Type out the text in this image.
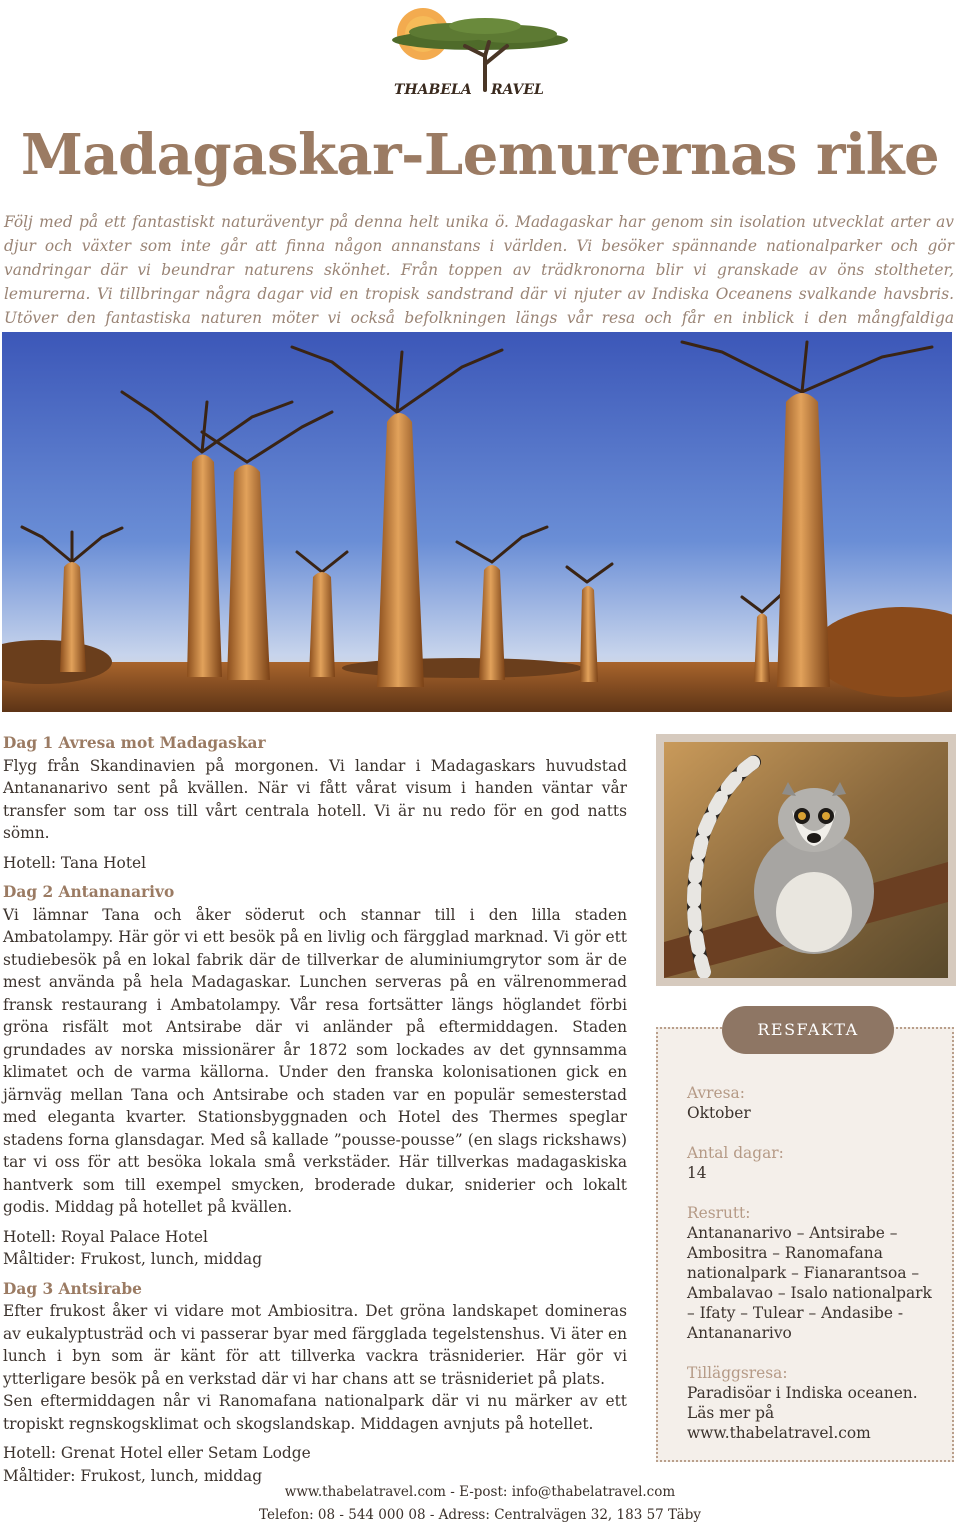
THABELA RAVEL
Madagaskar-Lemurernas rike

Följ med på ett fantastiskt naturäventyr på denna helt unika ö. Madagaskar har genom sin isolation utvecklat arter av djur och växter som inte går att finna någon annanstans i världen. Vi besöker spännande nationalparker och gör vandringar där vi beundrar naturens skönhet. Från toppen av trädkronorna blir vi granskade av öns stoltheter, lemurerna. Vi tillbringar några dagar vid en tropisk sandstrand där vi njuter av Indiska Oceanens svalkande havsbris. Utöver den fantastiska naturen möter vi också befolkningen längs vår resa och får en inblick i den mångfaldiga

Dag 1 Avresa mot Madagaskar

Flyg från Skandinavien på morgonen. Vi landar i Madagaskars huvudstad Antananarivo sent på kvällen. När vi fått vårat visum i handen väntar vår transfer som tar oss till vårt centrala hotell. Vi är nu redo för en god natts sömn.

Hotell: Tana Hotel
Dag 2 Antananarivo

Vi lämnar Tana och åker söderut och stannar till i den lilla staden Ambatolampy. Här gör vi ett besök på en livlig och färgglad marknad. Vi gör ett studiebesök på en lokal fabrik där de tillverkar de aluminiumgrytor som är de mest använda på hela Madagaskar. Lunchen serveras på en välrenommerad fransk restaurang i Ambatolampy. Vår resa fortsätter längs höglandet förbi gröna risfält mot Antsirabe där vi anländer på eftermiddagen. Staden grundades av norska missionärer år 1872 som lockades av det gynnsamma klimatet och de varma källorna. Under den franska kolonisationen gick en järnväg mellan Tana och Antsirabe och staden var en populär semesterstad med eleganta kvarter. Stationsbyggnaden och Hotel des Thermes speglar stadens forna glansdagar. Med så kallade ”pousse-pousse” (en slags rickshaws) tar vi oss för att besöka lokala små verkstäder. Här tillverkas madagaskiska hantverk som till exempel smycken, broderade dukar, sniderier och lokalt godis. Middag på hotellet på kvällen.

Hotell: Royal Palace Hotel
Måltider: Frukost, lunch, middag
Dag 3 Antsirabe
Efter frukost åker vi vidare mot Ambiositra. Det gröna landskapet domineras av eukalyptusträd och vi passerar byar med färgglada tegelstenshus. Vi äter en lunch i byn som är känt för att tillverka vackra träsniderier. Här gör vi ytterligare besök på en verkstad där vi har chans att se träsnideriet på plats.

Sen eftermiddagen når vi Ranomafana nationalpark där vi nu märker av ett tropiskt regnskogsklimat och skogslandskap. Middagen avnjuts på hotellet.

Hotell: Grenat Hotel eller Setam Lodge
Måltider: Frukost, lunch, middag
RESFAKTA
Avresa:
Oktober
Antal dagar:
14
Resrutt:
Antananarivo – Antsirabe – Ambositra – Ranomafana nationalpark – Fianarantsoa – Ambalavao – Isalo nationalpark – Ifaty – Tulear – Andasibe - Antananarivo
Tilläggsresa:
Paradisöar i Indiska oceanen. Läs mer på www.thabelatravel.com
www.thabelatravel.com - E-post: info@thabelatravel.com
Telefon: 08 - 544 000 08 - Adress: Centralvägen 32, 183 57 Täby
